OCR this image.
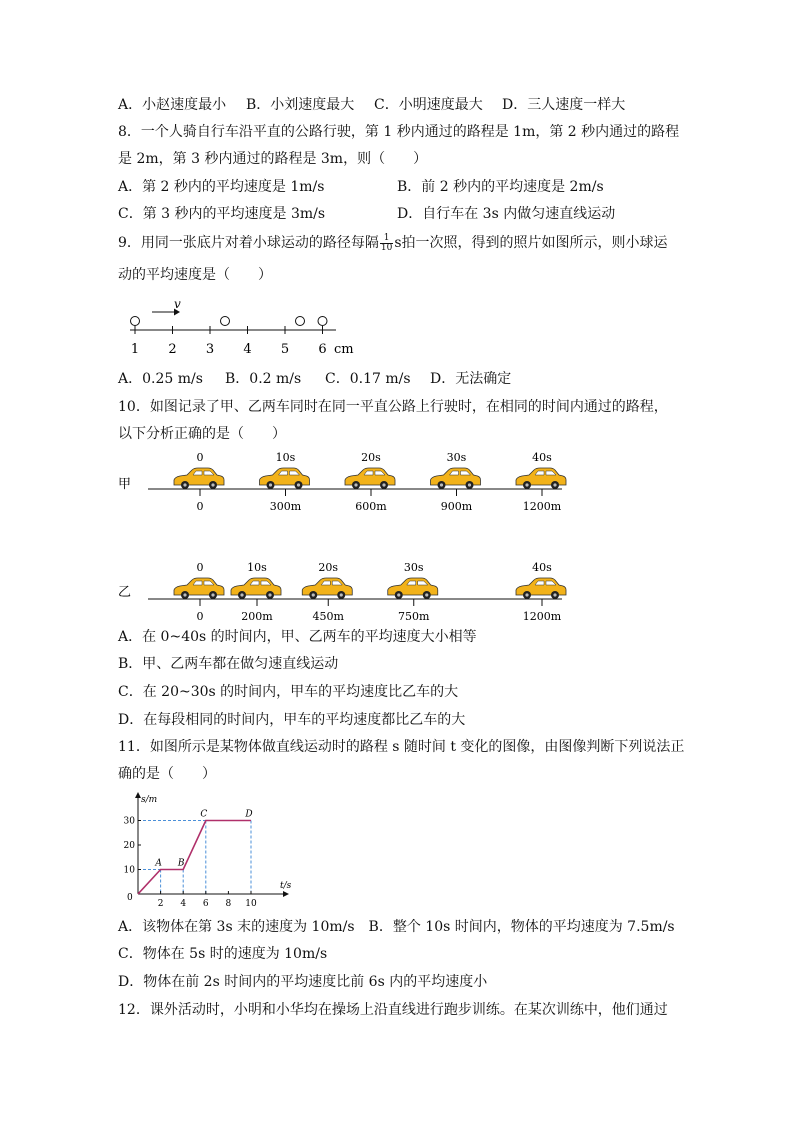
A．小赵速度最小 B．小刘速度最大 C．小明速度最大 D．三人速度一样大
8．一个人骑自行车沿平直的公路行驶，第 1 秒内通过的路程是 1m，第 2 秒内通过的路程
是 2m，第 3 秒内通过的路程是 3m，则（　　）
A．第 2 秒内的平均速度是 1m/s	B．前 2 秒内的平均速度是 2m/s
C．第 3 秒内的平均速度是 3m/s	D．自行车在 3s 内做匀速直线运动
9．用同一张底片对着小球运动的路径每隔 $\frac{1}{10}$ s拍一次照，得到的照片如图所示，则小球运
动的平均速度是（　　）
v
1 2 3 4 5 6 cm
A．0.25 m/s B．0.2 m/s C．0.17 m/s D．无法确定
10．如图记录了甲、乙两车同时在同一平直公路上行驶时，在相同的时间内通过的路程，
以下分析正确的是（　　）
甲
0
0
10s
300m
20s
600m
30s
900m
40s
1200m
乙
0
0
10s
200m
20s
450m
30s
750m
40s
1200m
A．在 0~40s 的时间内，甲、乙两车的平均速度大小相等
B．甲、乙两车都在做匀速直线运动
C．在 20~30s 的时间内，甲车的平均速度比乙车的大
D．在每段相同的时间内，甲车的平均速度都比乙车的大
11．如图所示是某物体做直线运动时的路程 s 随时间 t 变化的图像，由图像判断下列说法正
确的是（　　）
s/m
t/s
0
2 4 6 8 10
10
20
30
A B
C	D
A．该物体在第 3s 末的速度为 10m/s　B．整个 10s 时间内，物体的平均速度为 7.5m/s
C．物体在 5s 时的速度为 10m/s
D．物体在前 2s 时间内的平均速度比前 6s 内的平均速度小
12．课外活动时，小明和小华均在操场上沿直线进行跑步训练。在某次训练中，他们通过
